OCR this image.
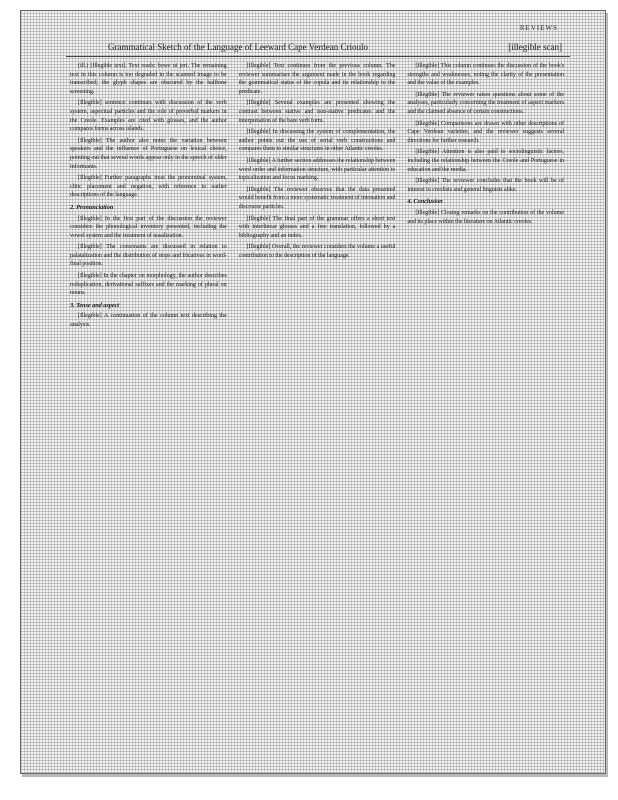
REVIEWS
Grammatical Sketch of the Language of Leeward Cape Verdean Crioulo	[illegible scan]

(ill.) [Illegible text]. Text reads: bowe ni jeri. The remaining text in this column is too degraded in the scanned image to be transcribed; the glyph shapes are obscured by the halftone screening.

[Illegible] sentence continues with discussion of the verb system, aspectual particles and the role of preverbal markers in the Creole. Examples are cited with glosses, and the author compares forms across islands.

[Illegible] The author also notes the variation between speakers and the influence of Portuguese on lexical choice, pointing out that several words appear only in the speech of older informants.

[Illegible] Further paragraphs treat the pronominal system, clitic placement and negation, with reference to earlier descriptions of the language.

2. Pronunciation

[Illegible] In the first part of the discussion the reviewer considers the phonological inventory presented, including the vowel system and the treatment of nasalization.

[Illegible] The consonants are discussed in relation to palatalization and the distribution of stops and fricatives in word-final position.

[Illegible] In the chapter on morphology, the author describes reduplication, derivational suffixes and the marking of plural on nouns.

3. Tense and aspect

[Illegible] A continuation of the column text describing the analysis.

[Illegible] Text continues from the previous column. The reviewer summarises the argument made in the book regarding the grammatical status of the copula and its relationship to the predicate.

[Illegible] Several examples are presented showing the contrast between stative and non-stative predicates and the interpretation of the bare verb form.

[Illegible] In discussing the system of complementation, the author points out the use of serial verb constructions and compares them to similar structures in other Atlantic creoles.

[Illegible] A further section addresses the relationship between word order and information structure, with particular attention to topicalization and focus marking.

[Illegible] The reviewer observes that the data presented would benefit from a more systematic treatment of intonation and discourse particles.

[Illegible] The final part of the grammar offers a short text with interlinear glosses and a free translation, followed by a bibliography and an index.

[Illegible] Overall, the reviewer considers the volume a useful contribution to the description of the language.

[Illegible] This column continues the discussion of the book's strengths and weaknesses, noting the clarity of the presentation and the value of the examples.

[Illegible] The reviewer raises questions about some of the analyses, particularly concerning the treatment of aspect markers and the claimed absence of certain constructions.

[Illegible] Comparisons are drawn with other descriptions of Cape Verdean varieties, and the reviewer suggests several directions for further research.

[Illegible] Attention is also paid to sociolinguistic factors, including the relationship between the Creole and Portuguese in education and the media.

[Illegible] The reviewer concludes that the book will be of interest to creolists and general linguists alike.

4. Conclusion

[Illegible] Closing remarks on the contribution of the volume and its place within the literature on Atlantic creoles.
